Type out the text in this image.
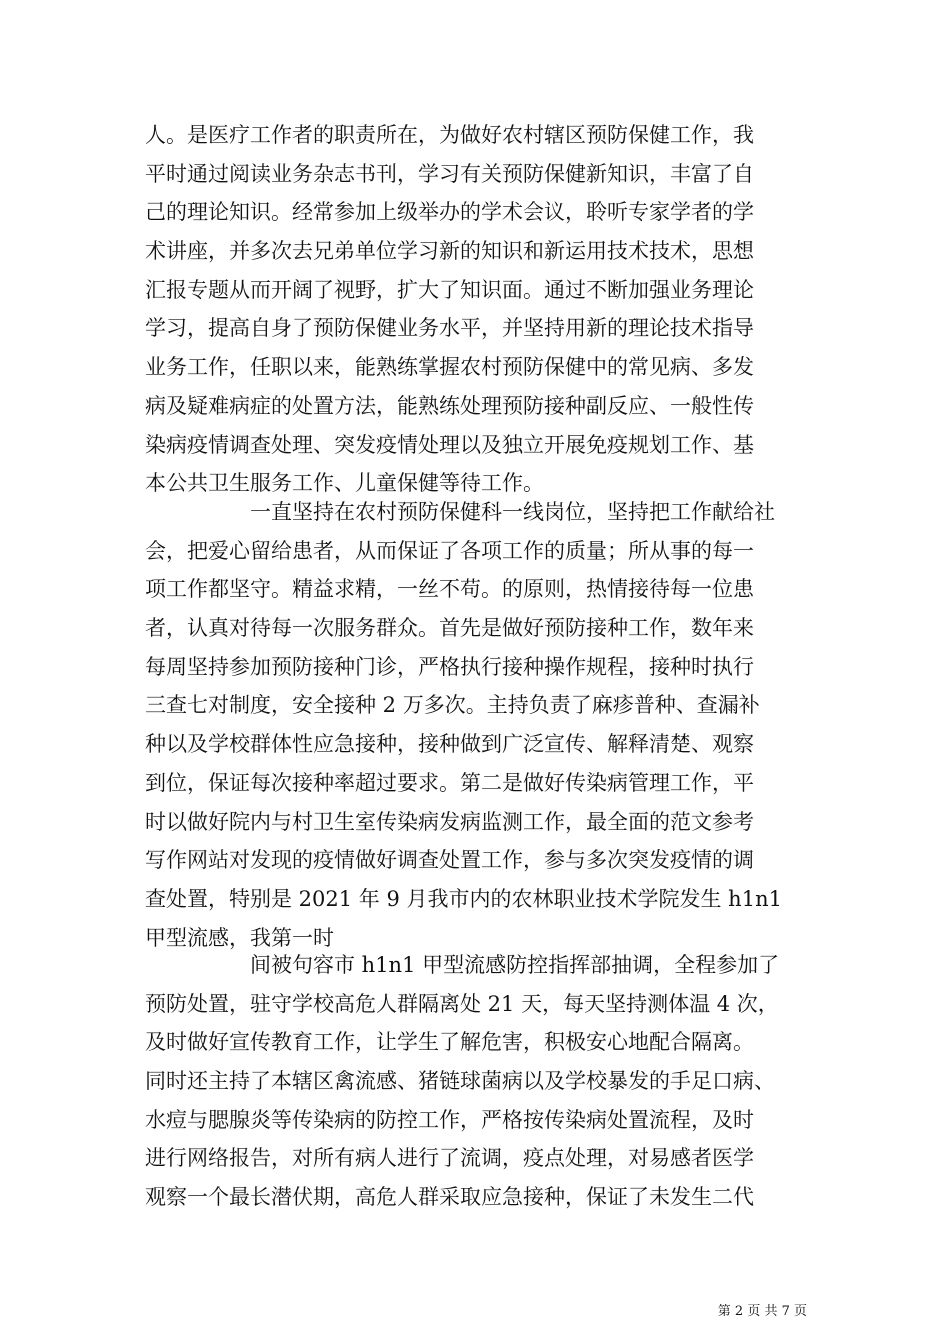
人。是医疗工作者的职责所在，为做好农村辖区预防保健工作，我
平时通过阅读业务杂志书刊，学习有关预防保健新知识，丰富了自
己的理论知识。经常参加上级举办的学术会议，聆听专家学者的学
术讲座，并多次去兄弟单位学习新的知识和新运用技术技术，思想
汇报专题从而开阔了视野，扩大了知识面。通过不断加强业务理论
学习，提高自身了预防保健业务水平，并坚持用新的理论技术指导
业务工作，任职以来，能熟练掌握农村预防保健中的常见病、多发
病及疑难病症的处置方法，能熟练处理预防接种副反应、一般性传
染病疫情调查处理、突发疫情处理以及独立开展免疫规划工作、基
本公共卫生服务工作、儿童保健等待工作。
一直坚持在农村预防保健科一线岗位，坚持把工作献给社
会，把爱心留给患者，从而保证了各项工作的质量；所从事的每一
项工作都坚守。精益求精，一丝不苟。的原则，热情接待每一位患
者，认真对待每一次服务群众。首先是做好预防接种工作，数年来
每周坚持参加预防接种门诊，严格执行接种操作规程，接种时执行
三查七对制度，安全接种 2 万多次。主持负责了麻疹普种、查漏补
种以及学校群体性应急接种，接种做到广泛宣传、解释清楚、观察
到位，保证每次接种率超过要求。第二是做好传染病管理工作，平
时以做好院内与村卫生室传染病发病监测工作，最全面的范文参考
写作网站对发现的疫情做好调查处置工作，参与多次突发疫情的调
查处置，特别是 2021 年 9 月我市内的农林职业技术学院发生 h1n1
甲型流感，我第一时
间被句容市 h1n1 甲型流感防控指挥部抽调，全程参加了
预防处置，驻守学校高危人群隔离处 21 天，每天坚持测体温 4 次，
及时做好宣传教育工作，让学生了解危害，积极安心地配合隔离。
同时还主持了本辖区禽流感、猪链球菌病以及学校暴发的手足口病、
水痘与腮腺炎等传染病的防控工作，严格按传染病处置流程，及时
进行网络报告，对所有病人进行了流调，疫点处理，对易感者医学
观察一个最长潜伏期，高危人群采取应急接种，保证了未发生二代
第 2 页 共 7 页
